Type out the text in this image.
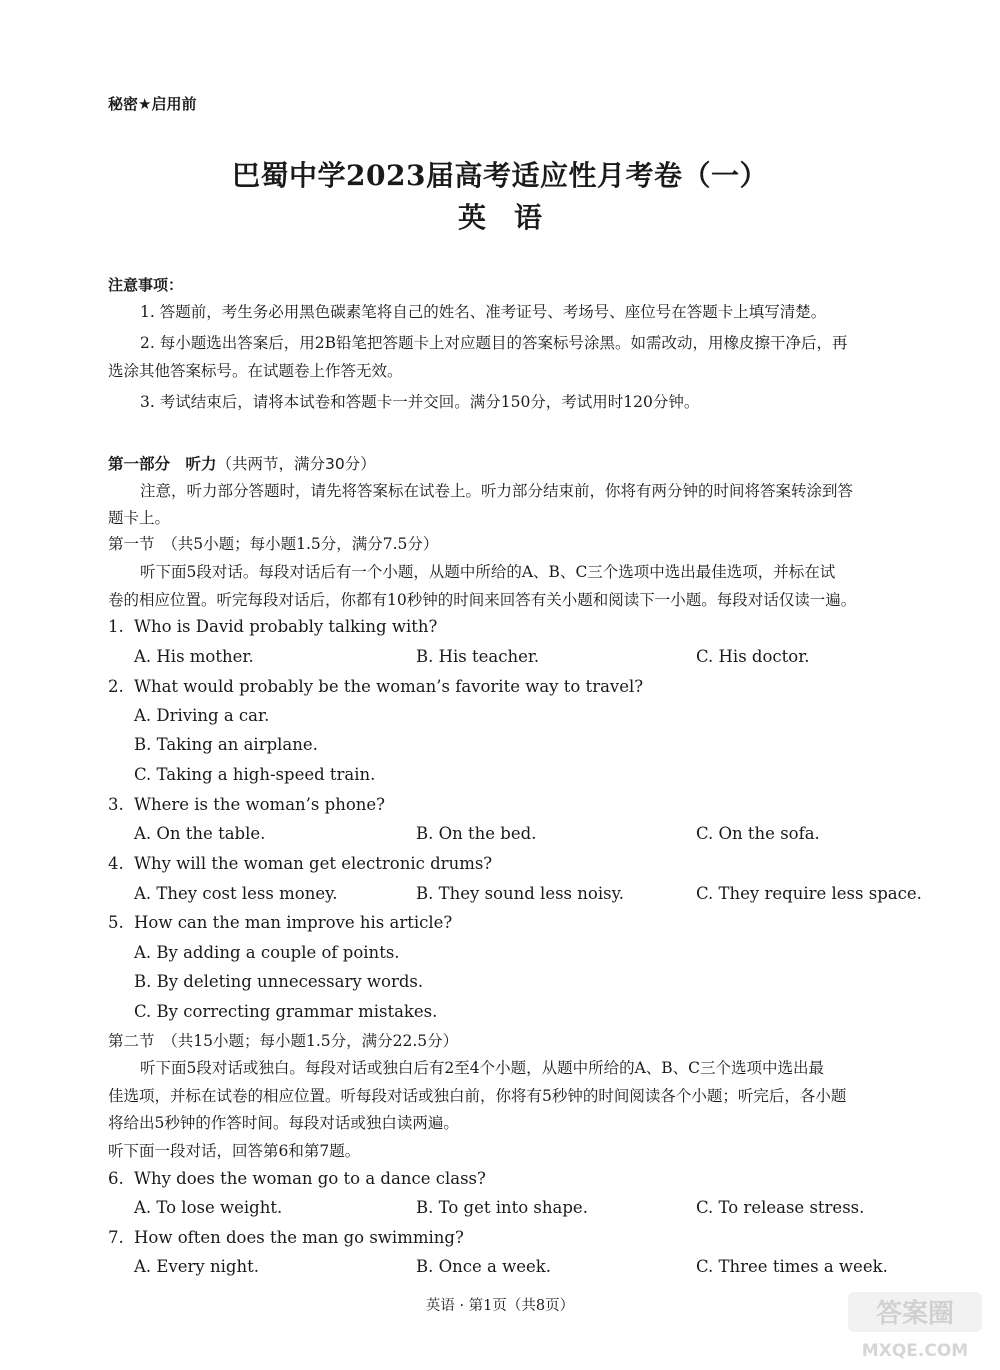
秘密★启用前
巴蜀中学2023届高考适应性月考卷（一）
英语
注意事项：
1. 答题前，考生务必用黑色碳素笔将自己的姓名、准考证号、考场号、座位号在答题卡上填写清楚。
2. 每小题选出答案后，用2B铅笔把答题卡上对应题目的答案标号涂黑。如需改动，用橡皮擦干净后，再
选涂其他答案标号。在试题卷上作答无效。
3. 考试结束后，请将本试卷和答题卡一并交回。满分150分，考试用时120分钟。
第一部分　听力（共两节，满分30分）
注意，听力部分答题时，请先将答案标在试卷上。听力部分结束前，你将有两分钟的时间将答案转涂到答
题卡上。
第一节　（共5小题；每小题1.5分，满分7.5分）
听下面5段对话。每段对话后有一个小题，从题中所给的A、B、C三个选项中选出最佳选项，并标在试
卷的相应位置。听完每段对话后，你都有10秒钟的时间来回答有关小题和阅读下一小题。每段对话仅读一遍。
1. Who is David probably talking with?
A. His mother.	B. His teacher.	C. His doctor.
2. What would probably be the woman’s favorite way to travel?
A. Driving a car.
B. Taking an airplane.
C. Taking a high-speed train.
3. Where is the woman’s phone?
A. On the table.	B. On the bed.	C. On the sofa.
4. Why will the woman get electronic drums?
A. They cost less money.	B. They sound less noisy.	C. They require less space.
5. How can the man improve his article?
A. By adding a couple of points.
B. By deleting unnecessary words.
C. By correcting grammar mistakes.
第二节　（共15小题；每小题1.5分，满分22.5分）
听下面5段对话或独白。每段对话或独白后有2至4个小题，从题中所给的A、B、C三个选项中选出最
佳选项，并标在试卷的相应位置。听每段对话或独白前，你将有5秒钟的时间阅读各个小题；听完后，各小题
将给出5秒钟的作答时间。每段对话或独白读两遍。
听下面一段对话，回答第6和第7题。
6. Why does the woman go to a dance class?
A. To lose weight.	B. To get into shape.	C. To release stress.
7. How often does the man go swimming?
A. Every night.	B. Once a week.	C. Three times a week.
英语 · 第1页（共8页）	答案圈
MXQE.COM
